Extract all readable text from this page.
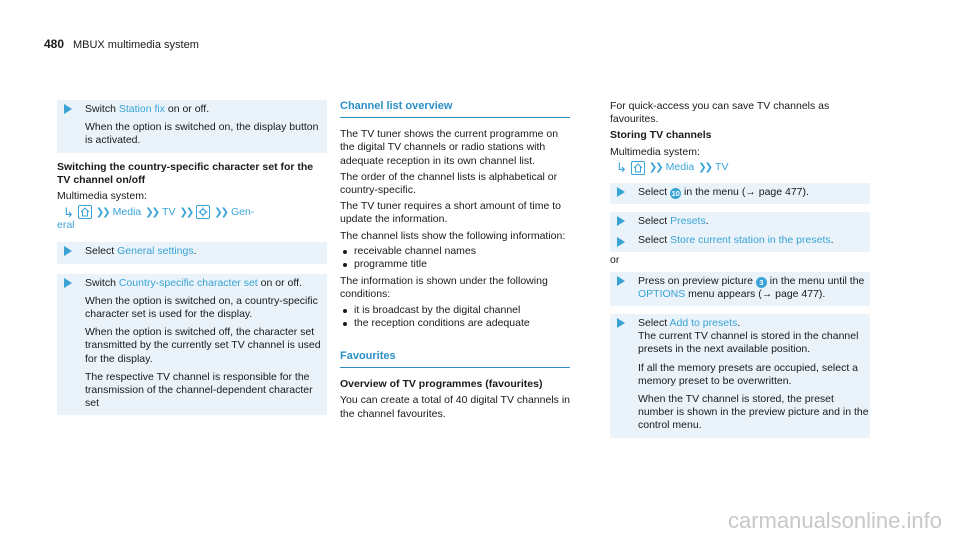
480 MBUX multimedia system

Switch Station fix on or off.

When the option is switched on, the display button is activated.

Switching the country-specific character set for the TV channel on/off

Multimedia system:

↳ ❯❯ Media ❯❯ TV ❯❯ ❯❯ Gen-

eral

Select General settings.

Switch Country-specific character set on or off.

When the option is switched on, a country-specific character set is used for the display.

When the option is switched off, the character set transmitted by the currently set TV channel is used for the display.

The respective TV channel is responsible for the transmission of the channel-dependent character set

Channel list overview

The TV tuner shows the current programme on the digital TV channels or radio stations with adequate reception in its own channel list.

The order of the channel lists is alphabetical or country-specific.

The TV tuner requires a short amount of time to update the information.

The channel lists show the following information:

receivable channel names
programme title

The information is shown under the following conditions:

it is broadcast by the digital channel
the reception conditions are adequate
Favourites

Overview of TV programmes (favourites)

You can create a total of 40 digital TV channels in the channel favourites.

For quick-access you can save TV channels as favourites.

Storing TV channels

Multimedia system:

↳ ❯❯ Media ❯❯ TV

Select 10 in the menu (→ page 477).

Select Presets.

Select Store current station in the presets.

or

Press on preview picture 3 in the menu until the OPTIONS menu appears (→ page 477).

Select Add to presets.

The current TV channel is stored in the channel presets in the next available position.

If all the memory presets are occupied, select a memory preset to be overwritten.

When the TV channel is stored, the preset number is shown in the preview picture and in the control menu.

carmanualsonline.info
